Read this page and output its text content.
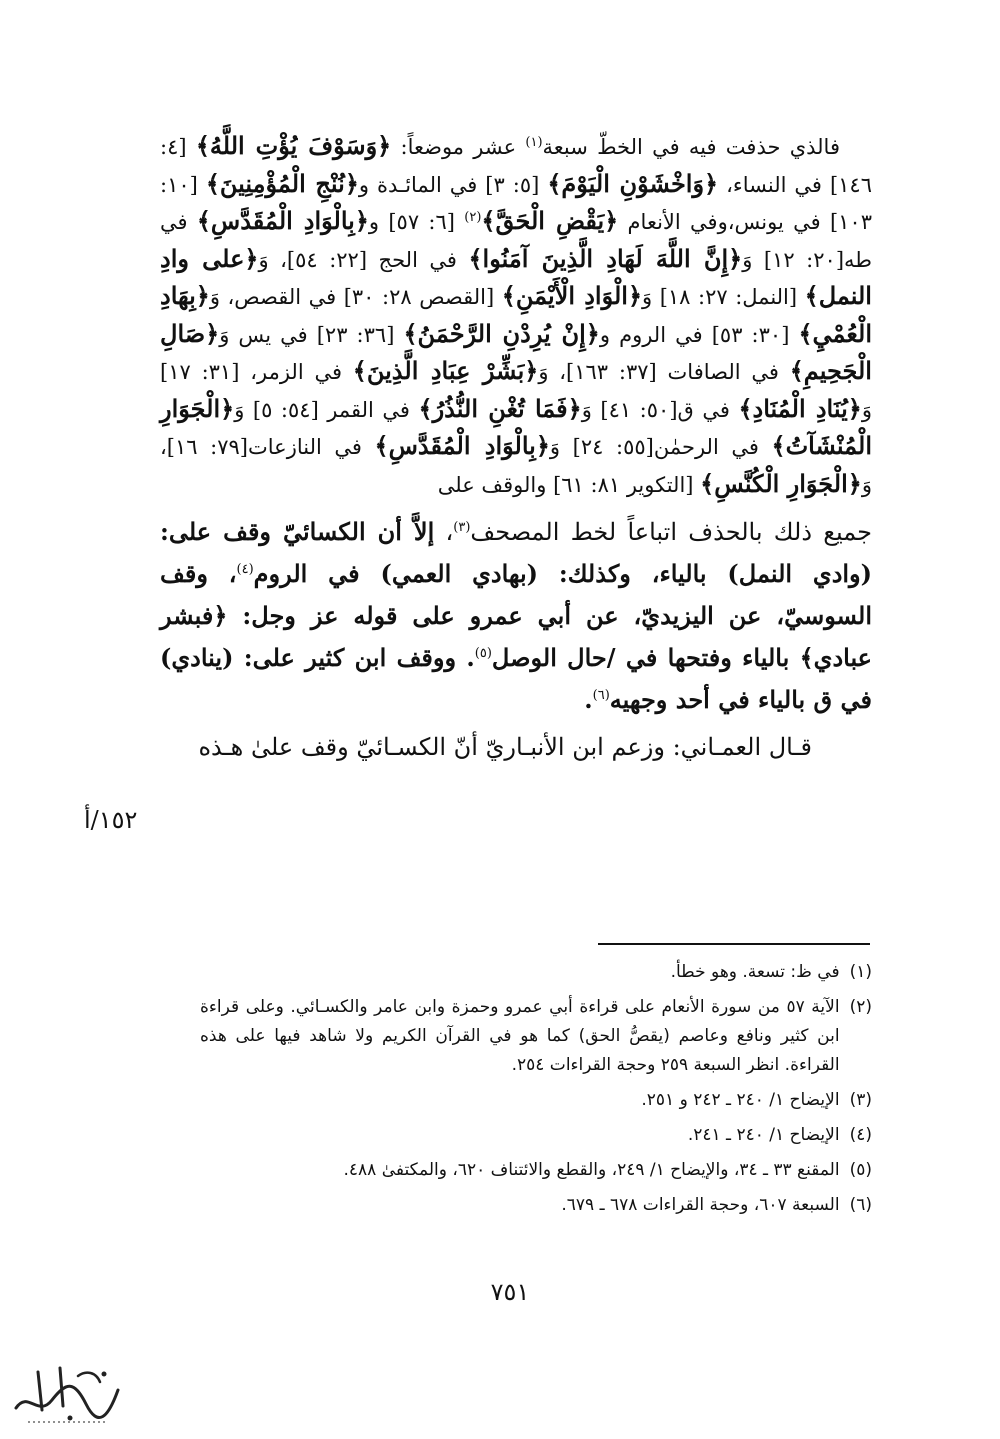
فالذي حذفت فيه في الخطّ سبعة$^{(١)}$ عشر موضعاً: ﴿وَسَوْفَ يُؤْتِ اللَّهُ﴾ [٤: ١٤٦] في النساء، ﴿وَاخْشَوْنِ الْيَوْمَ﴾ [٥: ٣] في المائـدة و﴿نُنْجِ الْمُؤْمِنِينَ﴾ [١٠: ١٠٣] في يونس،وفي الأنعام ﴿يَقْضِ الْحَقَّ﴾$^{(٢)}$ [٦: ٥٧] و﴿بِالْوَادِ الْمُقَدَّسِ﴾ في طه[٢٠: ١٢] وَ﴿إِنَّ اللَّهَ لَهَادِ الَّذِينَ آمَنُوا﴾ في الحج [٢٢: ٥٤]، وَ﴿على وادِ النمل﴾ [النمل: ٢٧: ١٨] وَ﴿الْوَادِ الْأَيْمَنِ﴾ [القصص ٢٨: ٣٠] في القصص، وَ﴿بِهَادِ الْعُمْيِ﴾ [٣٠: ٥٣] في الروم و﴿إِنْ يُرِدْنِ الرَّحْمَنُ﴾ [٣٦: ٢٣] في يس وَ﴿صَالِ الْجَحِيمِ﴾ في الصافات [٣٧: ١٦٣]، وَ﴿بَشِّرْ عِبَادِ الَّذِينَ﴾ في الزمر، [٣١: ١٧] وَ﴿يُنَادِ الْمُنَادِ﴾ في ق[٥٠: ٤١] وَ﴿فَمَا تُغْنِ النُّذُرُ﴾ في القمر [٥٤: ٥] وَ﴿الْجَوَارِ الْمُنْشَآتُ﴾ في الرحمٰن[٥٥: ٢٤] وَ﴿بِالْوَادِ الْمُقَدَّسِ﴾ في النازعات[٧٩: ١٦]، وَ﴿الْجَوَارِ الْكُنَّسِ﴾ [التكوير ٨١: ٦١] والوقف على

جميع ذلك بالحذف اتباعاً لخط المصحف$^{(٣)}$، إلاَّ أن الكسائيّ وقف على: (وادي النمل) بالياء، وكذلك: (بهادي العمي) في الروم$^{(٤)}$، وقف السوسيّ، عن اليزيديّ، عن أبي عمرو على قوله عز وجل: ﴿فبشر عبادي﴾ بالياء وفتحها في /حال الوصل$^{(٥)}$. ووقف ابن كثير على: (ينادي) في ق بالياء في أحد وجهيه$^{(٦)}$.

قـال العمـاني: وزعم ابن الأنبـاريّ أنّ الكسـائيّ وقف علىٰ هـذه

١٥٢/أ
(١)
في ظ: تسعة. وهو خطأ.
(٢)
الآية ٥٧ من سورة الأنعام على قراءة أبي عمرو وحمزة وابن عامر والكسـائي. وعلى قراءة ابن كثير ونافع وعاصم (يقصُّ الحق) كما هو في القرآن الكريم ولا شاهد فيها على هذه القراءة. انظر السبعة ٢٥٩ وحجة القراءات ٢٥٤.
(٣)
الإيضاح ١/ ٢٤٠ ـ ٢٤٢ و ٢٥١.
(٤)
الإيضاح ١/ ٢٤٠ ـ ٢٤١.
(٥)
المقنع ٣٣ ـ ٣٤، والإيضاح ١/ ٢٤٩، والقطع والائتناف ٦٢٠، والمكتفىٰ ٤٨٨.
(٦)
السبعة ٦٠٧، وحجة القراءات ٦٧٨ ـ ٦٧٩.
٧٥١
